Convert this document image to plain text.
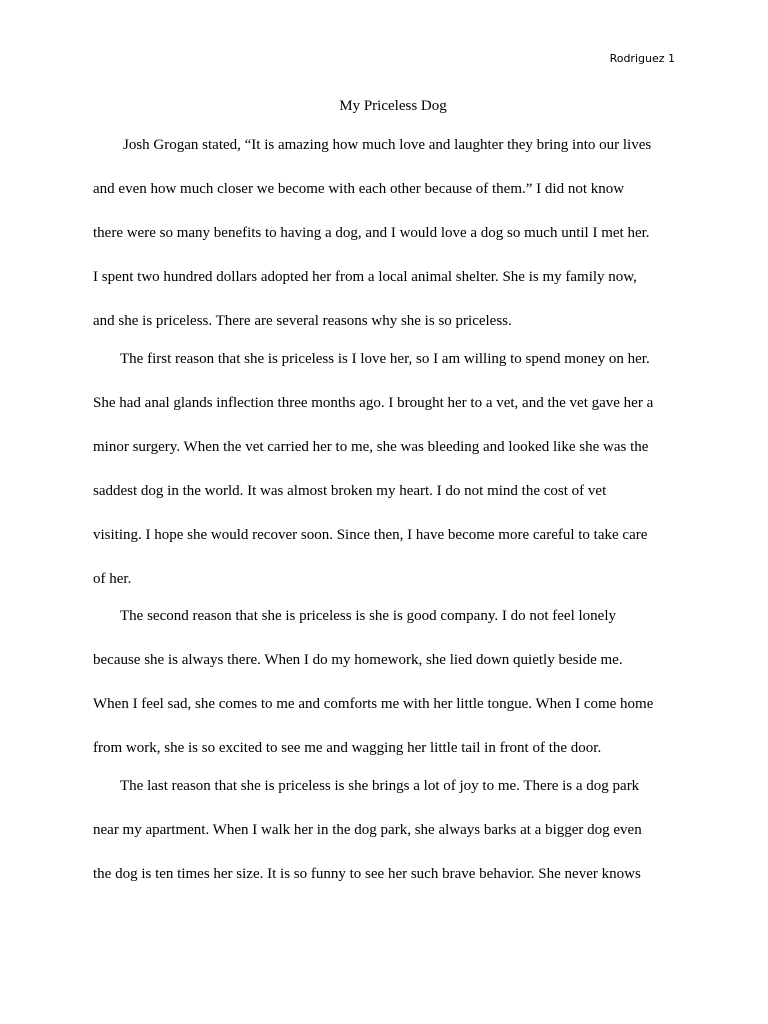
Rodriguez 1
My Priceless Dog
Josh Grogan stated, “It is amazing how much love and laughter they bring into our lives
and even how much closer we become with each other because of them.” I did not know
there were so many benefits to having a dog, and I would love a dog so much until I met her.
I spent two hundred dollars adopted her from a local animal shelter. She is my family now,
and she is priceless. There are several reasons why she is so priceless.
The first reason that she is priceless is I love her, so I am willing to spend money on her.
She had anal glands inflection three months ago. I brought her to a vet, and the vet gave her a
minor surgery. When the vet carried her to me, she was bleeding and looked like she was the
saddest dog in the world. It was almost broken my heart. I do not mind the cost of vet
visiting. I hope she would recover soon. Since then, I have become more careful to take care
of her.
The second reason that she is priceless is she is good company. I do not feel lonely
because she is always there. When I do my homework, she lied down quietly beside me.
When I feel sad, she comes to me and comforts me with her little tongue. When I come home
from work, she is so excited to see me and wagging her little tail in front of the door.
The last reason that she is priceless is she brings a lot of joy to me. There is a dog park
near my apartment. When I walk her in the dog park, she always barks at a bigger dog even
the dog is ten times her size. It is so funny to see her such brave behavior. She never knows
